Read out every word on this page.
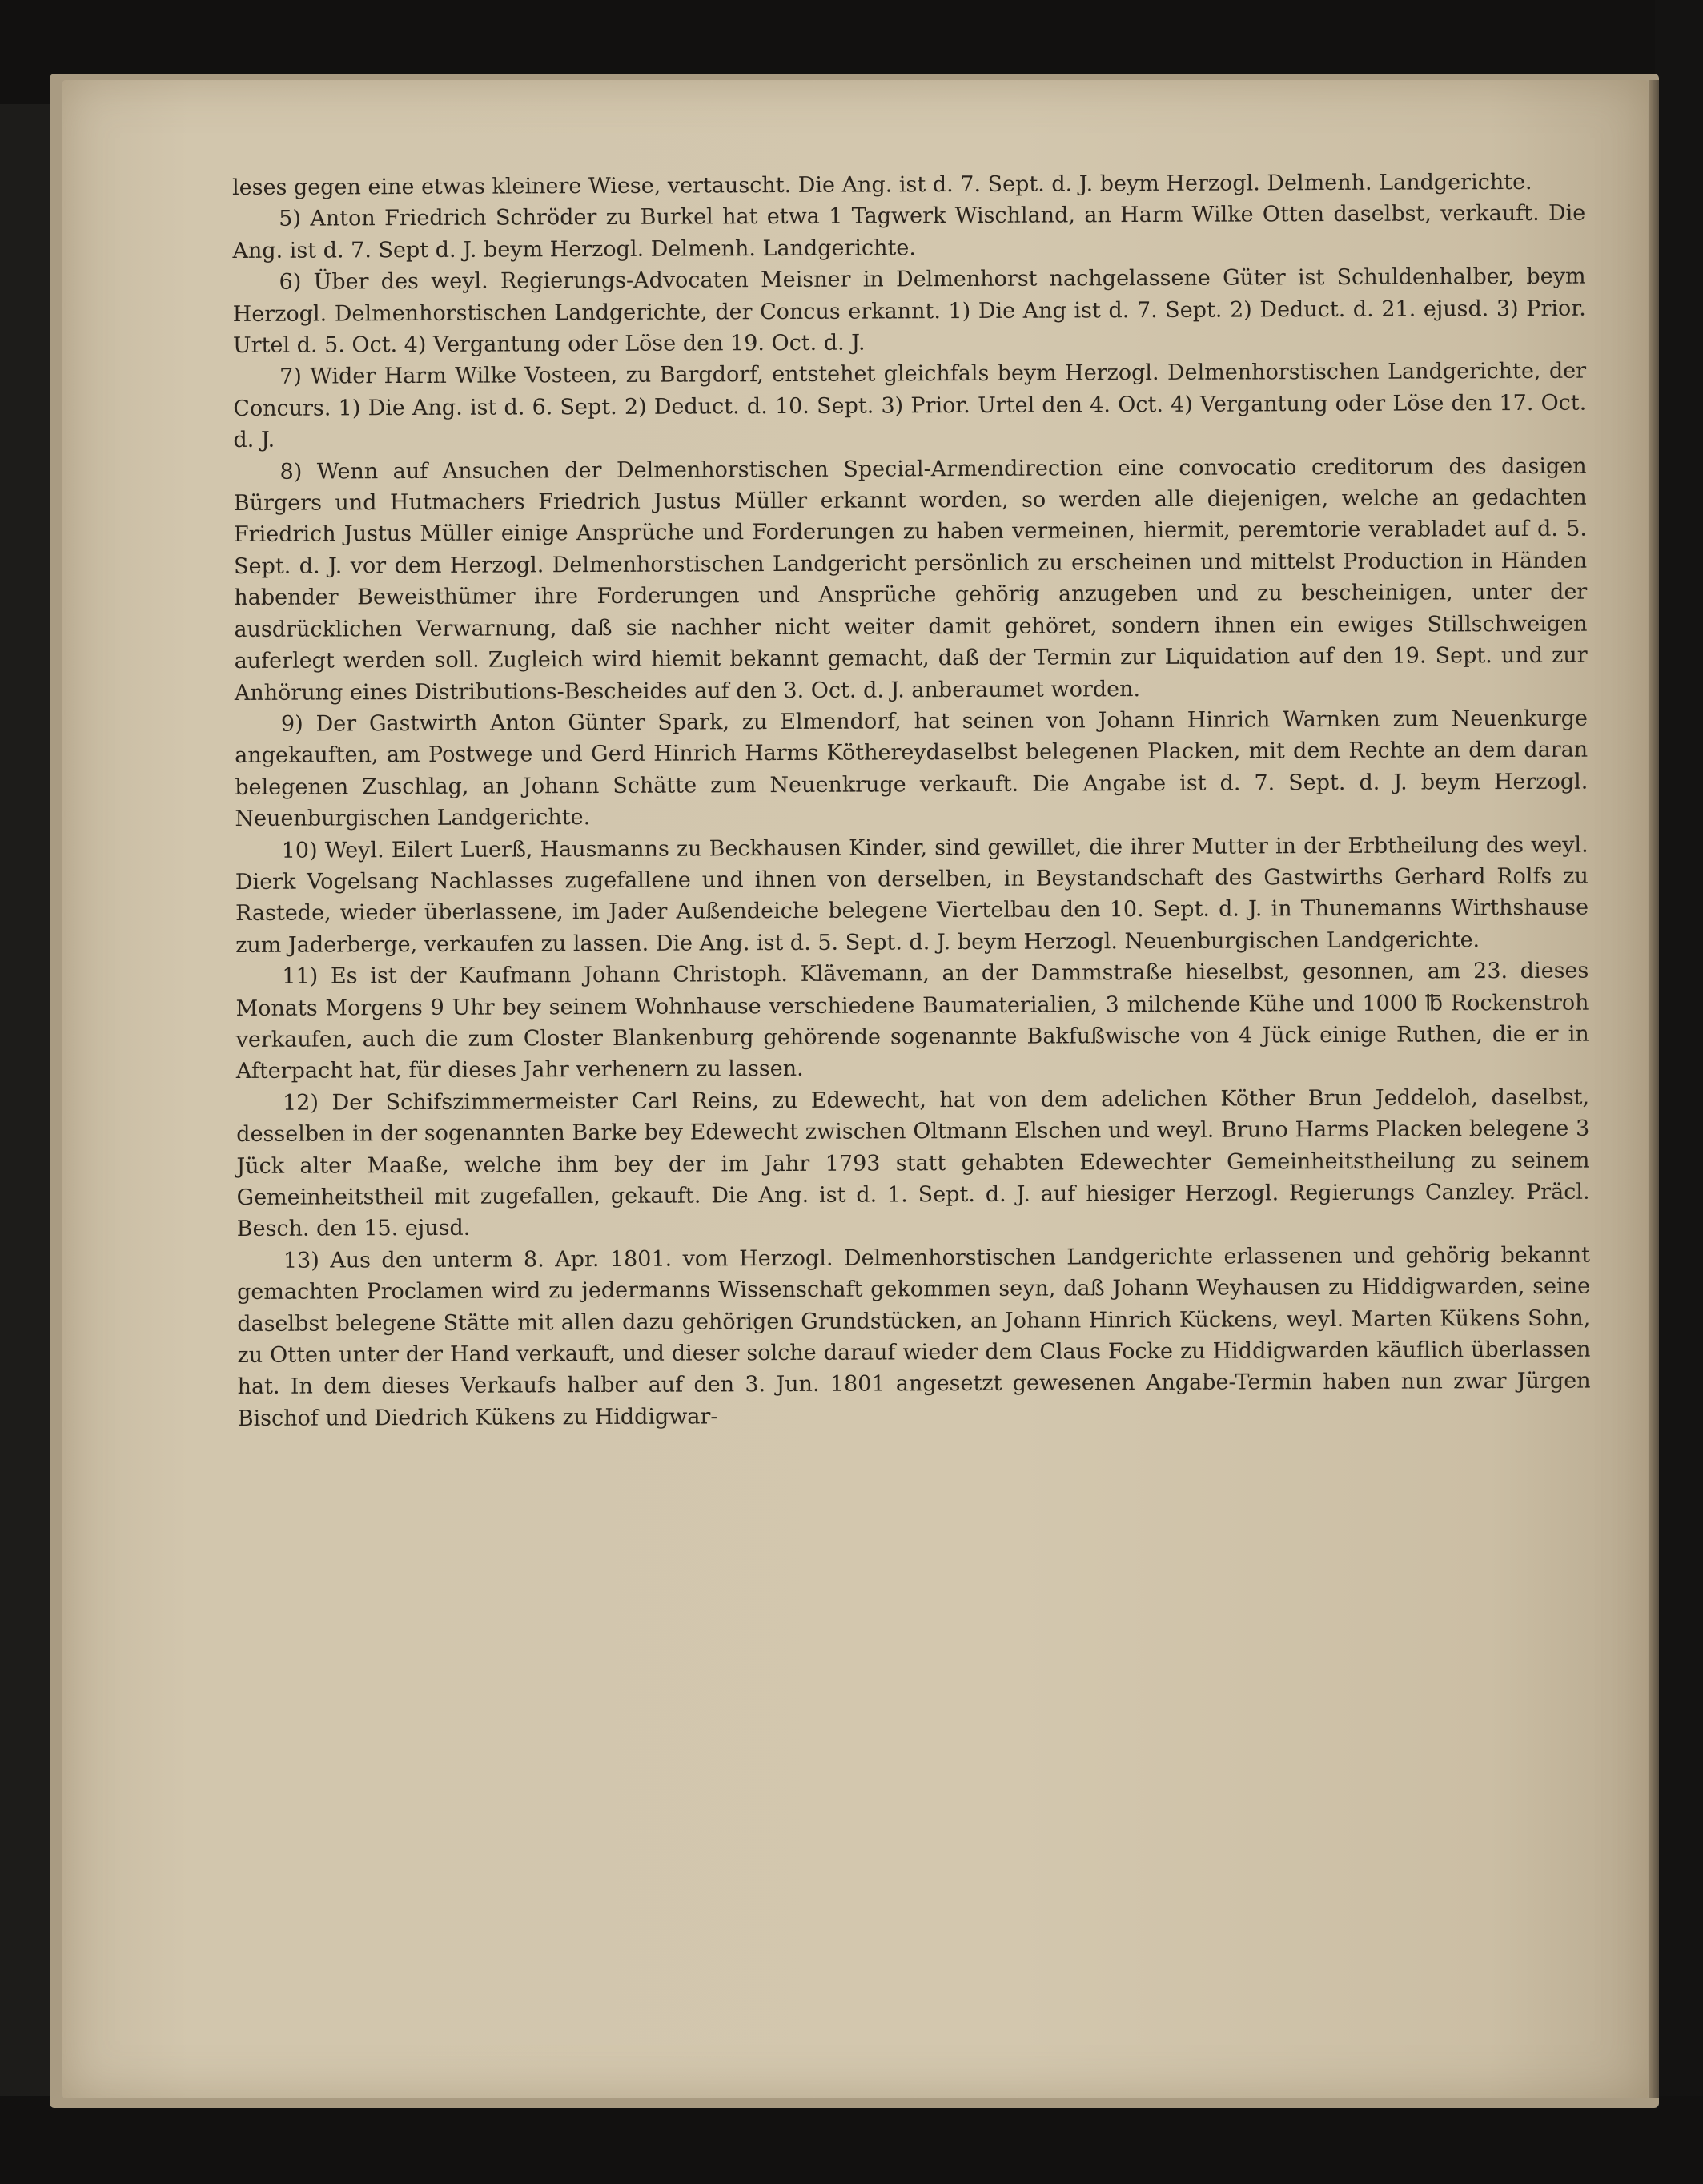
leses gegen eine etwas kleinere Wiese, vertauscht. Die Ang. ist d. 7. Sept. d. J. beym Herzogl. Delmenh. Landgerichte.

5) Anton Friedrich Schröder zu Burkel hat etwa 1 Tagwerk Wischland, an Harm Wilke Otten daselbst, verkauft. Die Ang. ist d. 7. Sept d. J. beym Herzogl. Delmenh. Landgerichte.

6) Über des weyl. Regierungs-Advocaten Meisner in Delmenhorst nachgelassene Güter ist Schuldenhalber, beym Herzogl. Delmenhorstischen Landgerichte, der Concus erkannt. 1) Die Ang ist d. 7. Sept. 2) Deduct. d. 21. ejusd. 3) Prior. Urtel d. 5. Oct. 4) Vergantung oder Löse den 19. Oct. d. J.

7) Wider Harm Wilke Vosteen, zu Bargdorf, entstehet gleichfals beym Herzogl. Delmenhorstischen Landgerichte, der Concurs. 1) Die Ang. ist d. 6. Sept. 2) Deduct. d. 10. Sept. 3) Prior. Urtel den 4. Oct. 4) Vergantung oder Löse den 17. Oct. d. J.

8) Wenn auf Ansuchen der Delmenhorstischen Special-Armendirection eine convocatio creditorum des dasigen Bürgers und Hutmachers Friedrich Justus Müller erkannt worden, so werden alle diejenigen, welche an gedachten Friedrich Justus Müller einige Ansprüche und Forderungen zu haben vermeinen, hiermit, peremtorie verabladet auf d. 5. Sept. d. J. vor dem Herzogl. Delmenhorstischen Landgericht persönlich zu erscheinen und mittelst Production in Händen habender Beweisthümer ihre Forderungen und Ansprüche gehörig anzugeben und zu bescheinigen, unter der ausdrücklichen Verwarnung, daß sie nachher nicht weiter damit gehöret, sondern ihnen ein ewiges Stillschweigen auferlegt werden soll. Zugleich wird hiemit bekannt gemacht, daß der Termin zur Liquidation auf den 19. Sept. und zur Anhörung eines Distributions-Bescheides auf den 3. Oct. d. J. anberaumet worden.

9) Der Gastwirth Anton Günter Spark, zu Elmendorf, hat seinen von Johann Hinrich Warnken zum Neuenkurge angekauften, am Postwege und Gerd Hinrich Harms Köthereydaselbst belegenen Placken, mit dem Rechte an dem daran belegenen Zuschlag, an Johann Schätte zum Neuenkruge verkauft. Die Angabe ist d. 7. Sept. d. J. beym Herzogl. Neuenburgischen Landgerichte.

10) Weyl. Eilert Luerß, Hausmanns zu Beckhausen Kinder, sind gewillet, die ihrer Mutter in der Erbtheilung des weyl. Dierk Vogelsang Nachlasses zugefallene und ihnen von derselben, in Beystandschaft des Gastwirths Gerhard Rolfs zu Rastede, wieder überlassene, im Jader Außendeiche belegene Viertelbau den 10. Sept. d. J. in Thunemanns Wirthshause zum Jaderberge, verkaufen zu lassen. Die Ang. ist d. 5. Sept. d. J. beym Herzogl. Neuenburgischen Landgerichte.

11) Es ist der Kaufmann Johann Christoph. Klävemann, an der Dammstraße hieselbst, gesonnen, am 23. dieses Monats Morgens 9 Uhr bey seinem Wohnhause verschiedene Baumaterialien, 3 milchende Kühe und 1000 ℔ Rockenstroh verkaufen, auch die zum Closter Blankenburg gehörende sogenannte Bakfußwische von 4 Jück einige Ruthen, die er in Afterpacht hat, für dieses Jahr verhenern zu lassen.

12) Der Schifszimmermeister Carl Reins, zu Edewecht, hat von dem adelichen Köther Brun Jeddeloh, daselbst, desselben in der sogenannten Barke bey Edewecht zwischen Oltmann Elschen und weyl. Bruno Harms Placken belegene 3 Jück alter Maaße, welche ihm bey der im Jahr 1793 statt gehabten Edewechter Gemeinheitstheilung zu seinem Gemeinheitstheil mit zugefallen, gekauft. Die Ang. ist d. 1. Sept. d. J. auf hiesiger Herzogl. Regierungs Canzley. Präcl. Besch. den 15. ejusd.

13) Aus den unterm 8. Apr. 1801. vom Herzogl. Delmenhorstischen Landgerichte erlassenen und gehörig bekannt gemachten Proclamen wird zu jedermanns Wissenschaft gekommen seyn, daß Johann Weyhausen zu Hiddigwarden, seine daselbst belegene Stätte mit allen dazu gehörigen Grundstücken, an Johann Hinrich Kückens, weyl. Marten Kükens Sohn, zu Otten unter der Hand verkauft, und dieser solche darauf wieder dem Claus Focke zu Hiddigwarden käuflich überlassen hat. In dem dieses Verkaufs halber auf den 3. Jun. 1801 angesetzt gewesenen Angabe-Termin haben nun zwar Jürgen Bischof und Diedrich Kükens zu Hiddigwar-
